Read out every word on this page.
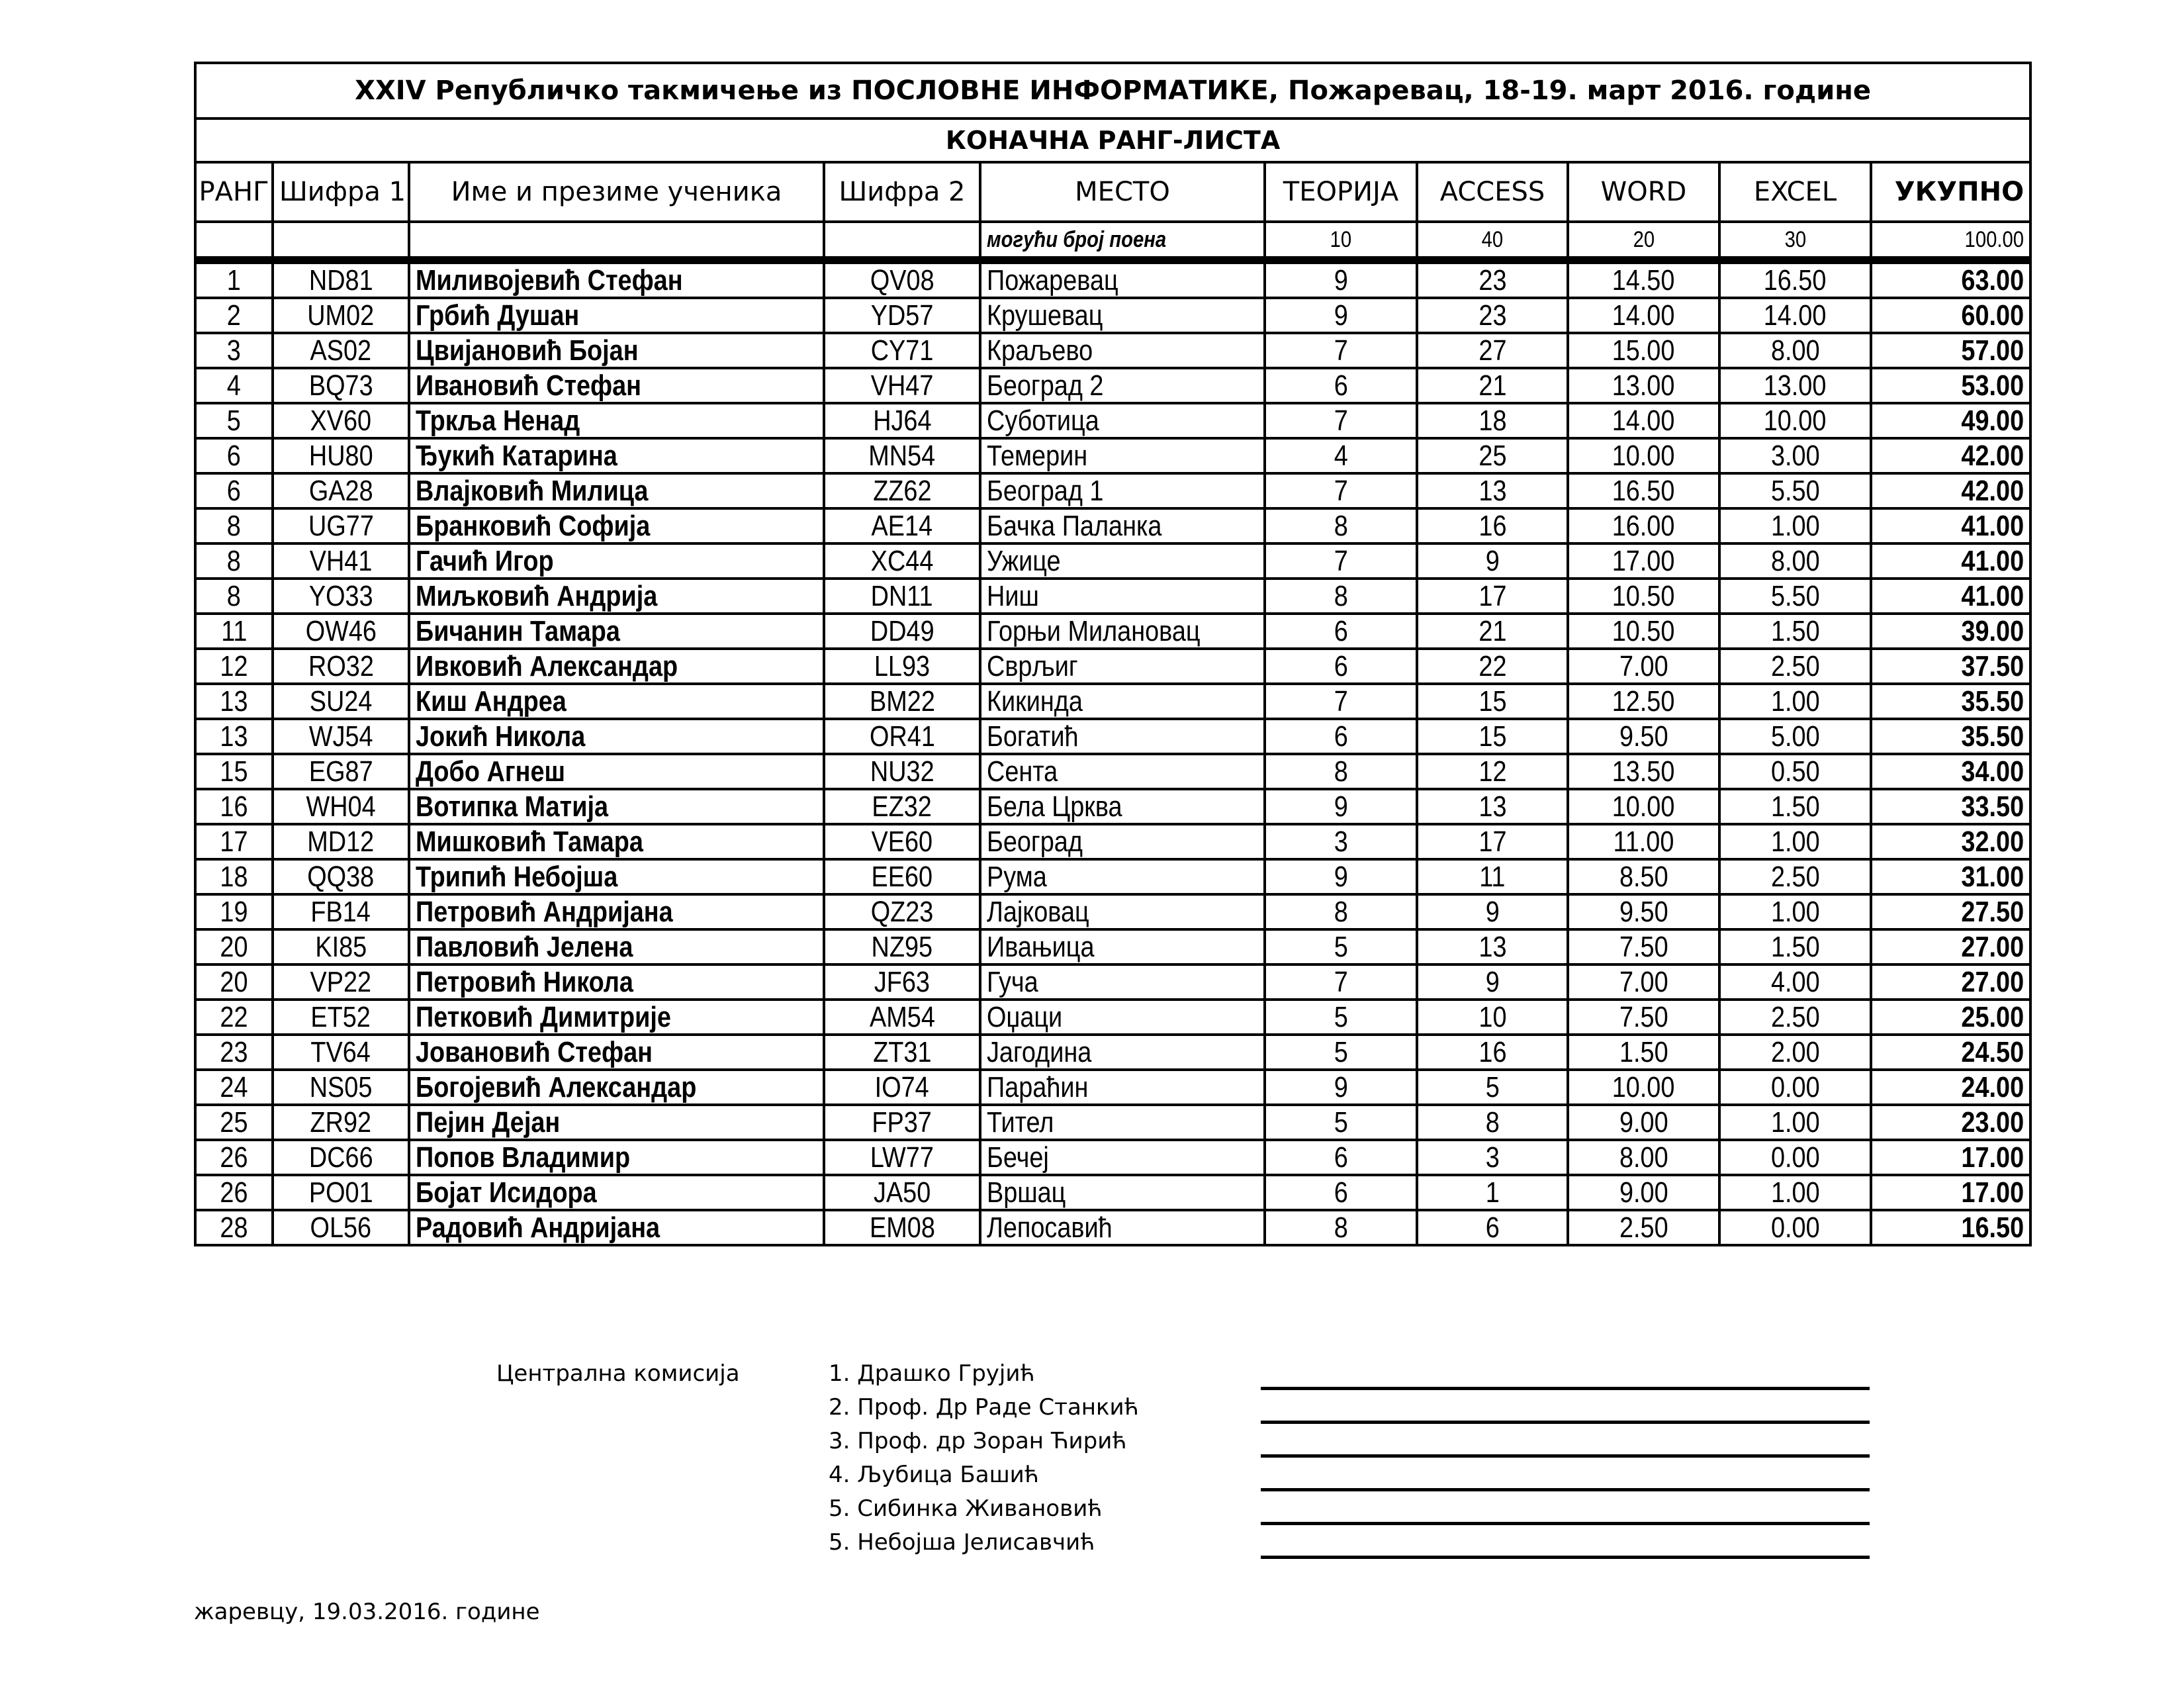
XXIV Републичко такмичење из ПОСЛОВНЕ ИНФОРМАТИКЕ, Пожаревац, 18-19. март 2016. године									
КОНАЧНА РАНГ-ЛИСТА									
РАНГ	Шифра 1	Име и презиме ученика	Шифра 2	МЕСТО	ТЕОРИЈА	ACCESS	WORD	EXCEL	УКУПНО
				могући број поена	10	40	20	30	100.00
1	ND81	Миливојевић Стефан	QV08	Пожаревац	9	23	14.50	16.50	63.00
2	UM02	Грбић Душан	YD57	Крушевац	9	23	14.00	14.00	60.00
3	AS02	Цвијановић Бојан	CY71	Краљево	7	27	15.00	8.00	57.00
4	BQ73	Ивановић Стефан	VH47	Београд 2	6	21	13.00	13.00	53.00
5	XV60	Тркља Ненад	HJ64	Суботица	7	18	14.00	10.00	49.00
6	HU80	Ђукић Катарина	MN54	Темерин	4	25	10.00	3.00	42.00
6	GA28	Влајковић Милица	ZZ62	Београд 1	7	13	16.50	5.50	42.00
8	UG77	Бранковић Софија	AE14	Бачка Паланка	8	16	16.00	1.00	41.00
8	VH41	Гачић Игор	XC44	Ужице	7	9	17.00	8.00	41.00
8	YO33	Миљковић Андрија	DN11	Ниш	8	17	10.50	5.50	41.00
11	OW46	Бичанин Тамара	DD49	Горњи Милановац	6	21	10.50	1.50	39.00
12	RO32	Ивковић Александар	LL93	Сврљиг	6	22	7.00	2.50	37.50
13	SU24	Киш Андреа	BM22	Кикинда	7	15	12.50	1.00	35.50
13	WJ54	Јокић Никола	OR41	Богатић	6	15	9.50	5.00	35.50
15	EG87	Добо Агнеш	NU32	Сента	8	12	13.50	0.50	34.00
16	WH04	Вотипка Матија	EZ32	Бела Црква	9	13	10.00	1.50	33.50
17	MD12	Мишковић Тамара	VE60	Београд	3	17	11.00	1.00	32.00
18	QQ38	Трипић Небојша	EE60	Рума	9	11	8.50	2.50	31.00
19	FB14	Петровић Андријана	QZ23	Лајковац	8	9	9.50	1.00	27.50
20	KI85	Павловић Јелена	NZ95	Ивањица	5	13	7.50	1.50	27.00
20	VP22	Петровић Никола	JF63	Гуча	7	9	7.00	4.00	27.00
22	ET52	Петковић Димитрије	AM54	Оџаци	5	10	7.50	2.50	25.00
23	TV64	Јовановић Стефан	ZT31	Јагодина	5	16	1.50	2.00	24.50
24	NS05	Богојевић Александар	IO74	Параћин	9	5	10.00	0.00	24.00
25	ZR92	Пејин Дејан	FP37	Тител	5	8	9.00	1.00	23.00
26	DC66	Попов Владимир	LW77	Бечеј	6	3	8.00	0.00	17.00
26	PO01	Бојат Исидора	JA50	Вршац	6	1	9.00	1.00	17.00
28	OL56	Радовић Андријана	EM08	Лепосавић	8	6	2.50	0.00	16.50
Централна комисија	1. Драшко Грујић
2. Проф. Др Раде Станкић
3. Проф. др Зоран Ћирић
4. Љубица Башић
5. Сибинка Живановић
5. Небојша Јелисавчић
жаревцу, 19.03.2016. године
